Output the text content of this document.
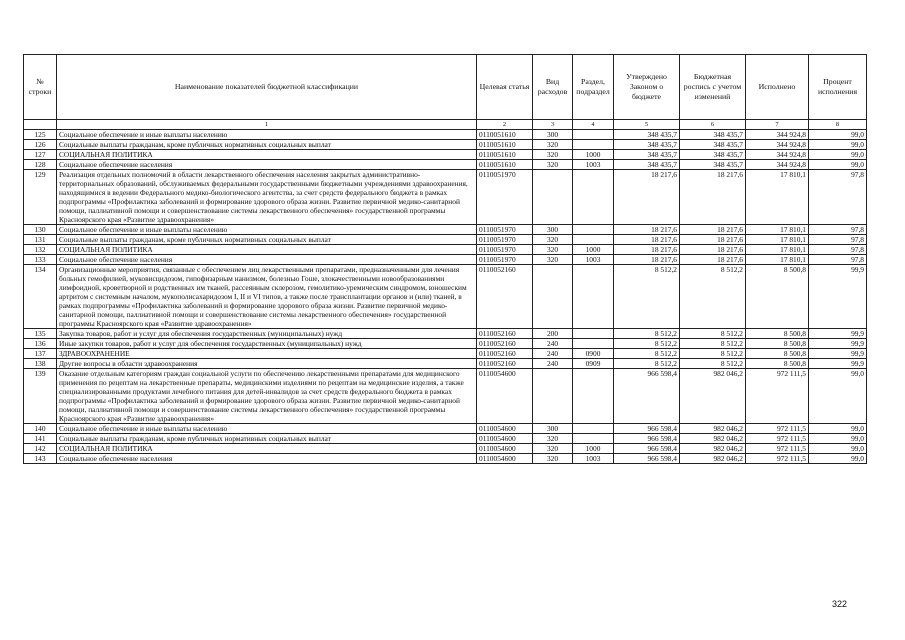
№ строки	Наименование показателей бюджетной классификации	Целевая статья	Вид расходов	Раздел, подраздел	Утверждено Законом о бюджете	Бюджетная роспись с учетом изменений	Исполнено	Процент исполнения
	1	2	3	4	5	6	7	8
125	Социальное обеспечение и иные выплаты населению	0110051610	300		348 435,7	348 435,7	344 924,8	99,0
126	Социальные выплаты гражданам, кроме публичных нормативных социальных выплат	0110051610	320		348 435,7	348 435,7	344 924,8	99,0
127	СОЦИАЛЬНАЯ ПОЛИТИКА	0110051610	320	1000	348 435,7	348 435,7	344 924,8	99,0
128	Социальное обеспечение населения	0110051610	320	1003	348 435,7	348 435,7	344 924,8	99,0
129	Реализация отдельных полномочий в области лекарственного обеспечения населения закрытых административно-территориальных образований, обслуживаемых федеральными государственными бюджетными учреждениями здравоохранения, находящимися в ведении Федерального медико-биологического агентства, за счет средств федерального бюджета в рамках подпрограммы «Профилактика заболеваний и формирование здорового образа жизни. Развитие первичной медико-санитарной помощи, паллиативной помощи и совершенствование системы лекарственного обеспечения» государственной программы Красноярского края «Развитие здравоохранения»	0110051970			18 217,6	18 217,6	17 810,1	97,8
130	Социальное обеспечение и иные выплаты населению	0110051970	300		18 217,6	18 217,6	17 810,1	97,8
131	Социальные выплаты гражданам, кроме публичных нормативных социальных выплат	0110051970	320		18 217,6	18 217,6	17 810,1	97,8
132	СОЦИАЛЬНАЯ ПОЛИТИКА	0110051970	320	1000	18 217,6	18 217,6	17 810,1	97,8
133	Социальное обеспечение населения	0110051970	320	1003	18 217,6	18 217,6	17 810,1	97,8
134	Организационные мероприятия, связанные с обеспечением лиц лекарственными препаратами, предназначенными для лечения больных гемофилией, муковисцидозом, гипофизарным нанизмом, болезнью Гоше, злокачественными новообразованиями лимфоидной, кроветворной и родственных им тканей, рассеянным склерозом, гемолитико-уремическим синдромом, юношеским артритом с системным началом, мукополисахаридозом I, II и VI типов, а также после трансплантации органов и (или) тканей, в рамках подпрограммы «Профилактика заболеваний и формирование здорового образа жизни. Развитие первичной медико-санитарной помощи, паллиативной помощи и совершенствование системы лекарственного обеспечения» государственной программы Красноярского края «Развитие здравоохранения»	0110052160			8 512,2	8 512,2	8 500,8	99,9
135	Закупка товаров, работ и услуг для обеспечения государственных (муниципальных) нужд	0110052160	200		8 512,2	8 512,2	8 500,8	99,9
136	Иные закупки товаров, работ и услуг для обеспечения государственных (муниципальных) нужд	0110052160	240		8 512,2	8 512,2	8 500,8	99,9
137	ЗДРАВООХРАНЕНИЕ	0110052160	240	0900	8 512,2	8 512,2	8 500,8	99,9
138	Другие вопросы в области здравоохранения	0110052160	240	0909	8 512,2	8 512,2	8 500,8	99,9
139	Оказание отдельным категориям граждан социальной услуги по обеспечению лекарственными препаратами для медицинского применения по рецептам на лекарственные препараты, медицинскими изделиями по рецептам на медицинские изделия, а также специализированными продуктами лечебного питания для детей-инвалидов за счет средств федерального бюджета в рамках подпрограммы «Профилактика заболеваний и формирование здорового образа жизни. Развитие первичной медико-санитарной помощи, паллиативной помощи и совершенствование системы лекарственного обеспечения» государственной программы Красноярского края «Развитие здравоохранения»	0110054600			966 598,4	982 046,2	972 111,5	99,0
140	Социальное обеспечение и иные выплаты населению	0110054600	300		966 598,4	982 046,2	972 111,5	99,0
141	Социальные выплаты гражданам, кроме публичных нормативных социальных выплат	0110054600	320		966 598,4	982 046,2	972 111,5	99,0
142	СОЦИАЛЬНАЯ ПОЛИТИКА	0110054600	320	1000	966 598,4	982 046,2	972 111,5	99,0
143	Социальное обеспечение населения	0110054600	320	1003	966 598,4	982 046,2	972 111,5	99,0
322
